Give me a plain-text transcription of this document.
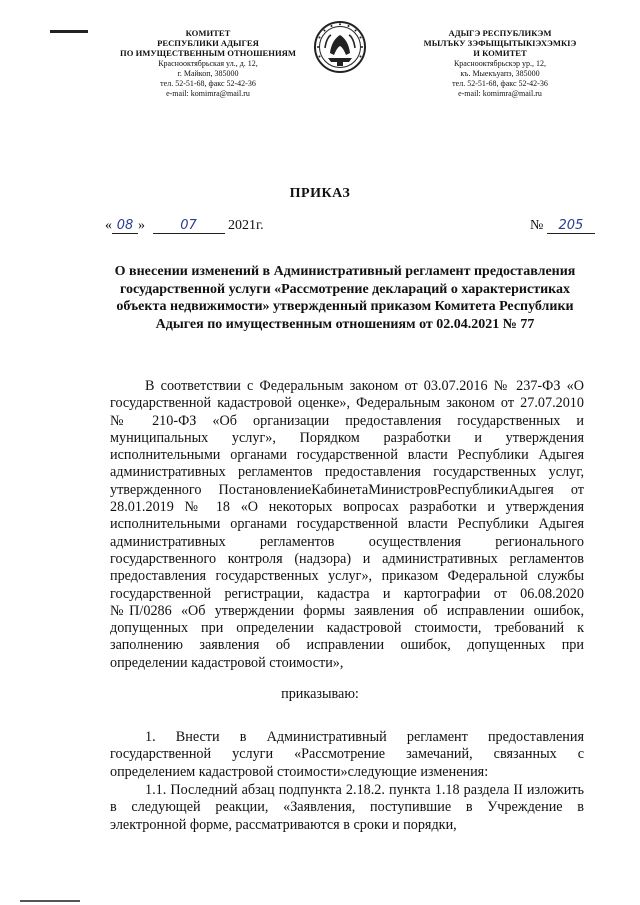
КОМИТЕТ
РЕСПУБЛИКИ АДЫГЕЯ
ПО ИМУЩЕСТВЕННЫМ ОТНОШЕНИЯМ
Краснооктябрьская ул., д. 12,
г. Майкоп, 385000
тел. 52-51-68, факс 52-42-36
e-mail: komimra@mail.ru
АДЫГЭ РЕСПУБЛИКЭМ
МЫЛЪКУ ЗЭФЫЩЫТЫКІЭХЭМКІЭ
И КОМИТЕТ
Краснооктябрьскэр ур., 12,
къ. Мыекъуапэ, 385000
тел. 52-51-68, факс 52-42-36
e-mail: komimra@mail.ru
ПРИКАЗ
« 08 »	07 2021г.	№ 205
О внесении изменений в Административный регламент предоставления государственной услуги «Рассмотрение деклараций о характеристиках объекта недвижимости» утвержденный приказом Комитета Республики Адыгея по имущественным отношениям от 02.04.2021 № 77
В соответствии с Федеральным законом от 03.07.2016 № 237-ФЗ «О государственной кадастровой оценке», Федеральным законом от 27.07.2010 № 210-ФЗ «Об организации предоставления государственных и муниципальных услуг», Порядком разработки и утверждения исполнительными органами государственной власти Республики Адыгея административных регламентов предоставления государственных услуг, утвержденного ПостановлениеКабинетаМинистровРеспубликиАдыгея от 28.01.2019 № 18 «О некоторых вопросах разработки и утверждения исполнительными органами государственной власти Республики Адыгея административных регламентов осуществления регионального государственного контроля (надзора) и административных регламентов предоставления государственных услуг», приказом Федеральной службы государственной регистрации, кадастра и картографии от 06.08.2020 №П/0286 «Об утверждении формы заявления об исправлении ошибок, допущенных при определении кадастровой стоимости, требований к заполнению заявления об исправлении ошибок, допущенных при определении кадастровой стоимости»,
приказываю:
1. Внести в Административный регламент предоставления государственной услуги «Рассмотрение замечаний, связанных с определением кадастровой стоимости»следующие изменения:
1.1. Последний абзац подпункта 2.18.2. пункта 1.18 раздела II изложить в следующей реакции, «Заявления, поступившие в Учреждение в электронной форме, рассматриваются в сроки и порядки,
